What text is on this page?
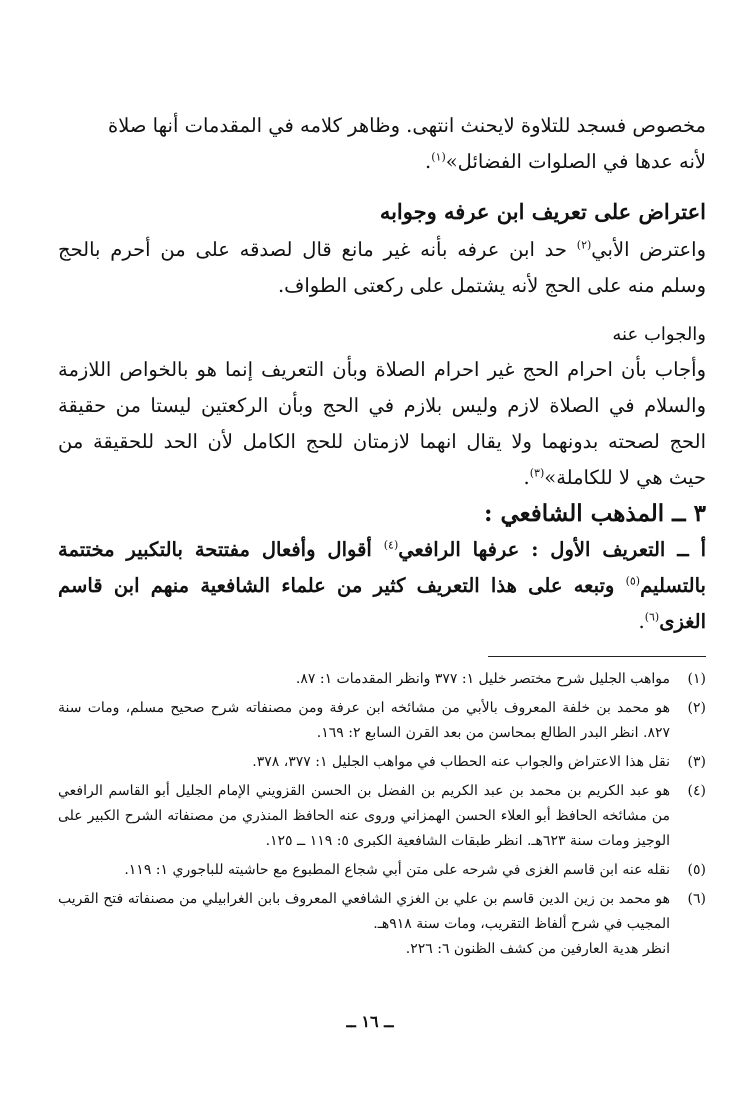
مخصوص فسجد للتلاوة لايحنث انتهى. وظاهر كلامه في المقدمات أنها صلاة
لأنه عدها في الصلوات الفضائل»$^{(١)}$.

اعتراض على تعريف ابن عرفه وجوابه

واعترض الأبي$^{(٢)}$ حد ابن عرفه بأنه غير مانع قال لصدقه على من أحرم بالحج وسلم منه على الحج لأنه يشتمل على ركعتى الطواف.

والجواب عنه

وأجاب بأن احرام الحج غير احرام الصلاة وبأن التعريف إنما هو بالخواص اللازمة والسلام في الصلاة لازم وليس بلازم في الحج وبأن الركعتين ليستا من حقيقة الحج لصحته بدونهما ولا يقال انهما لازمتان للحج الكامل لأن الحد للحقيقة من حيث هي لا للكاملة»$^{(٣)}$.

٣ ــ المذهب الشافعي :

أ ــ التعريف الأول : عرفها الرافعي$^{(٤)}$ أقوال وأفعال مفتتحة بالتكبير مختتمة بالتسليم$^{(٥)}$ وتبعه على هذا التعريف كثير من علماء الشافعية منهم ابن قاسم الغزى$^{(٦)}$.

(١)
مواهب الجليل شرح مختصر خليل ١: ٣٧٧ وانظر المقدمات ١: ٨٧.
(٢)
هو محمد بن خلفة المعروف بالأبي من مشائخه ابن عرفة ومن مصنفاته شرح صحيح مسلم، ومات سنة ٨٢٧. انظر البدر الطالع بمحاسن من بعد القرن السابع ٢: ١٦٩.
(٣)
نقل هذا الاعتراض والجواب عنه الحطاب في مواهب الجليل ١: ٣٧٧، ٣٧٨.
(٤)
هو عبد الكريم بن محمد بن عبد الكريم بن الفضل بن الحسن القزويني الإمام الجليل أبو القاسم الرافعي من مشائخه الحافظ أبو العلاء الحسن الهمزاني وروى عنه الحافظ المنذري من مصنفاته الشرح الكبير على الوجيز ومات سنة ٦٢٣هـ. انظر طبقات الشافعية الكبرى ٥: ١١٩ ــ ١٢٥.
(٥)
نقله عنه ابن قاسم الغزى في شرحه على متن أبي شجاع المطبوع مع حاشيته للباجوري ١: ١١٩.
(٦)
هو محمد بن زين الدين قاسم بن علي بن الغزي الشافعي المعروف بابن الغرابيلي من مصنفاته فتح القريب المجيب في شرح ألفاظ التقريب، ومات سنة ٩١٨هـ.
انظر هدية العارفين من كشف الظنون ٦: ٢٢٦.
ــ ١٦ ــ
